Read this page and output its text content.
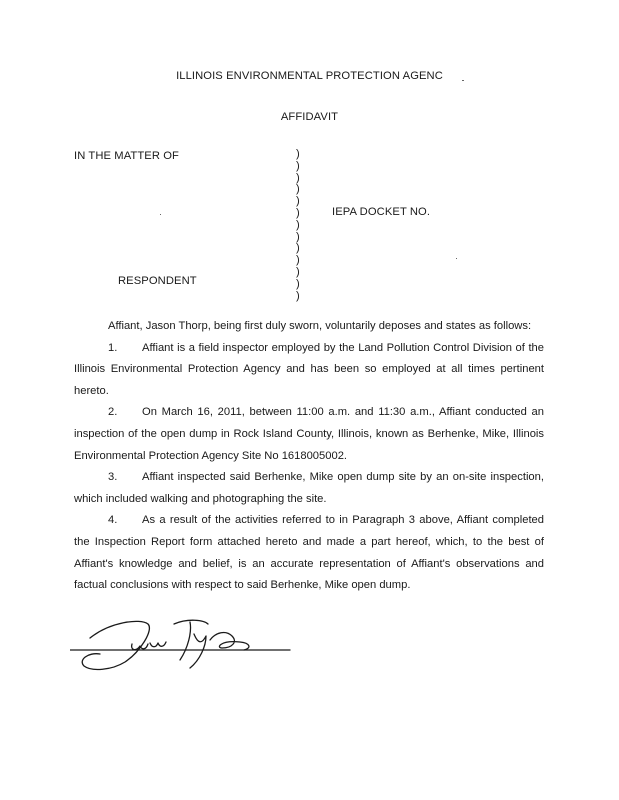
ILLINOIS ENVIRONMENTAL PROTECTION AGENC
AFFIDAVIT
IN THE MATTER OF
IEPA DOCKET NO.
RESPONDENT
)
)
)
)
)
)
)
)
)
)
)
)
)

Affiant, Jason Thorp, being first duly sworn, voluntarily deposes and states as follows:

1. Affiant is a field inspector employed by the Land Pollution Control Division of the Illinois Environmental Protection Agency and has been so employed at all times pertinent hereto.

2. On March 16, 2011, between 11:00 a.m. and 11:30 a.m., Affiant conducted an inspection of the open dump in Rock Island County, Illinois, known as Berhenke, Mike, Illinois Environmental Protection Agency Site No 1618005002.

3. Affiant inspected said Berhenke, Mike open dump site by an on-site inspection, which included walking and photographing the site.

4. As a result of the activities referred to in Paragraph 3 above, Affiant completed the Inspection Report form attached hereto and made a part hereof, which, to the best of Affiant's knowledge and belief, is an accurate representation of Affiant's observations and factual conclusions with respect to said Berhenke, Mike open dump.
